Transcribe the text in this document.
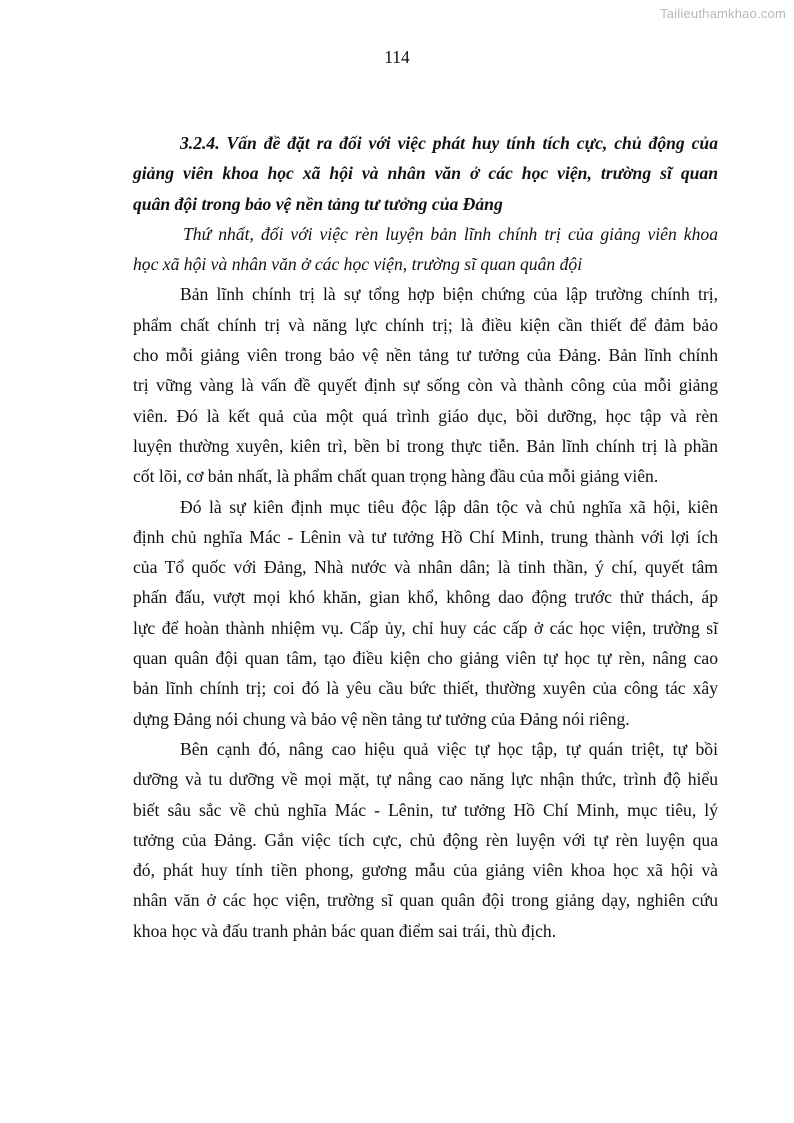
Tailieuthamkhao.com
114
3.2.4. Vấn đề đặt ra đối với việc phát huy tính tích cực, chủ động của
giảng viên khoa học xã hội và nhân văn ở các học viện, trường sĩ quan
quân đội trong bảo vệ nền tảng tư tưởng của Đảng
Thứ nhất, đối với việc rèn luyện bản lĩnh chính trị của giảng viên khoa
học xã hội và nhân văn ở các học viện, trường sĩ quan quân đội
Bản lĩnh chính trị là sự tổng hợp biện chứng của lập trường chính trị,
phẩm chất chính trị và năng lực chính trị; là điều kiện cần thiết để đảm bảo
cho mỗi giảng viên trong bảo vệ nền tảng tư tưởng của Đảng. Bản lĩnh chính
trị vững vàng là vấn đề quyết định sự sống còn và thành công của mỗi giảng
viên. Đó là kết quả của một quá trình giáo dục, bồi dưỡng, học tập và rèn
luyện thường xuyên, kiên trì, bền bỉ trong thực tiễn. Bản lĩnh chính trị là phần
cốt lõi, cơ bản nhất, là phẩm chất quan trọng hàng đầu của mỗi giảng viên.
Đó là sự kiên định mục tiêu độc lập dân tộc và chủ nghĩa xã hội, kiên
định chủ nghĩa Mác - Lênin và tư tưởng Hồ Chí Minh, trung thành với lợi ích
của Tổ quốc với Đảng, Nhà nước và nhân dân; là tinh thần, ý chí, quyết tâm
phấn đấu, vượt mọi khó khăn, gian khổ, không dao động trước thử thách, áp
lực để hoàn thành nhiệm vụ. Cấp ủy, chỉ huy các cấp ở các học viện, trường sĩ
quan quân đội quan tâm, tạo điều kiện cho giảng viên tự học tự rèn, nâng cao
bản lĩnh chính trị; coi đó là yêu cầu bức thiết, thường xuyên của công tác xây
dựng Đảng nói chung và bảo vệ nền tảng tư tưởng của Đảng nói riêng.
Bên cạnh đó, nâng cao hiệu quả việc tự học tập, tự quán triệt, tự bồi
dưỡng và tu dưỡng về mọi mặt, tự nâng cao năng lực nhận thức, trình độ hiểu
biết sâu sắc về chủ nghĩa Mác - Lênin, tư tưởng Hồ Chí Minh, mục tiêu, lý
tưởng của Đảng. Gắn việc tích cực, chủ động rèn luyện với tự rèn luyện qua
đó, phát huy tính tiền phong, gương mẫu của giảng viên khoa học xã hội và
nhân văn ở các học viện, trường sĩ quan quân đội trong giảng dạy, nghiên cứu
khoa học và đấu tranh phản bác quan điểm sai trái, thù địch.
